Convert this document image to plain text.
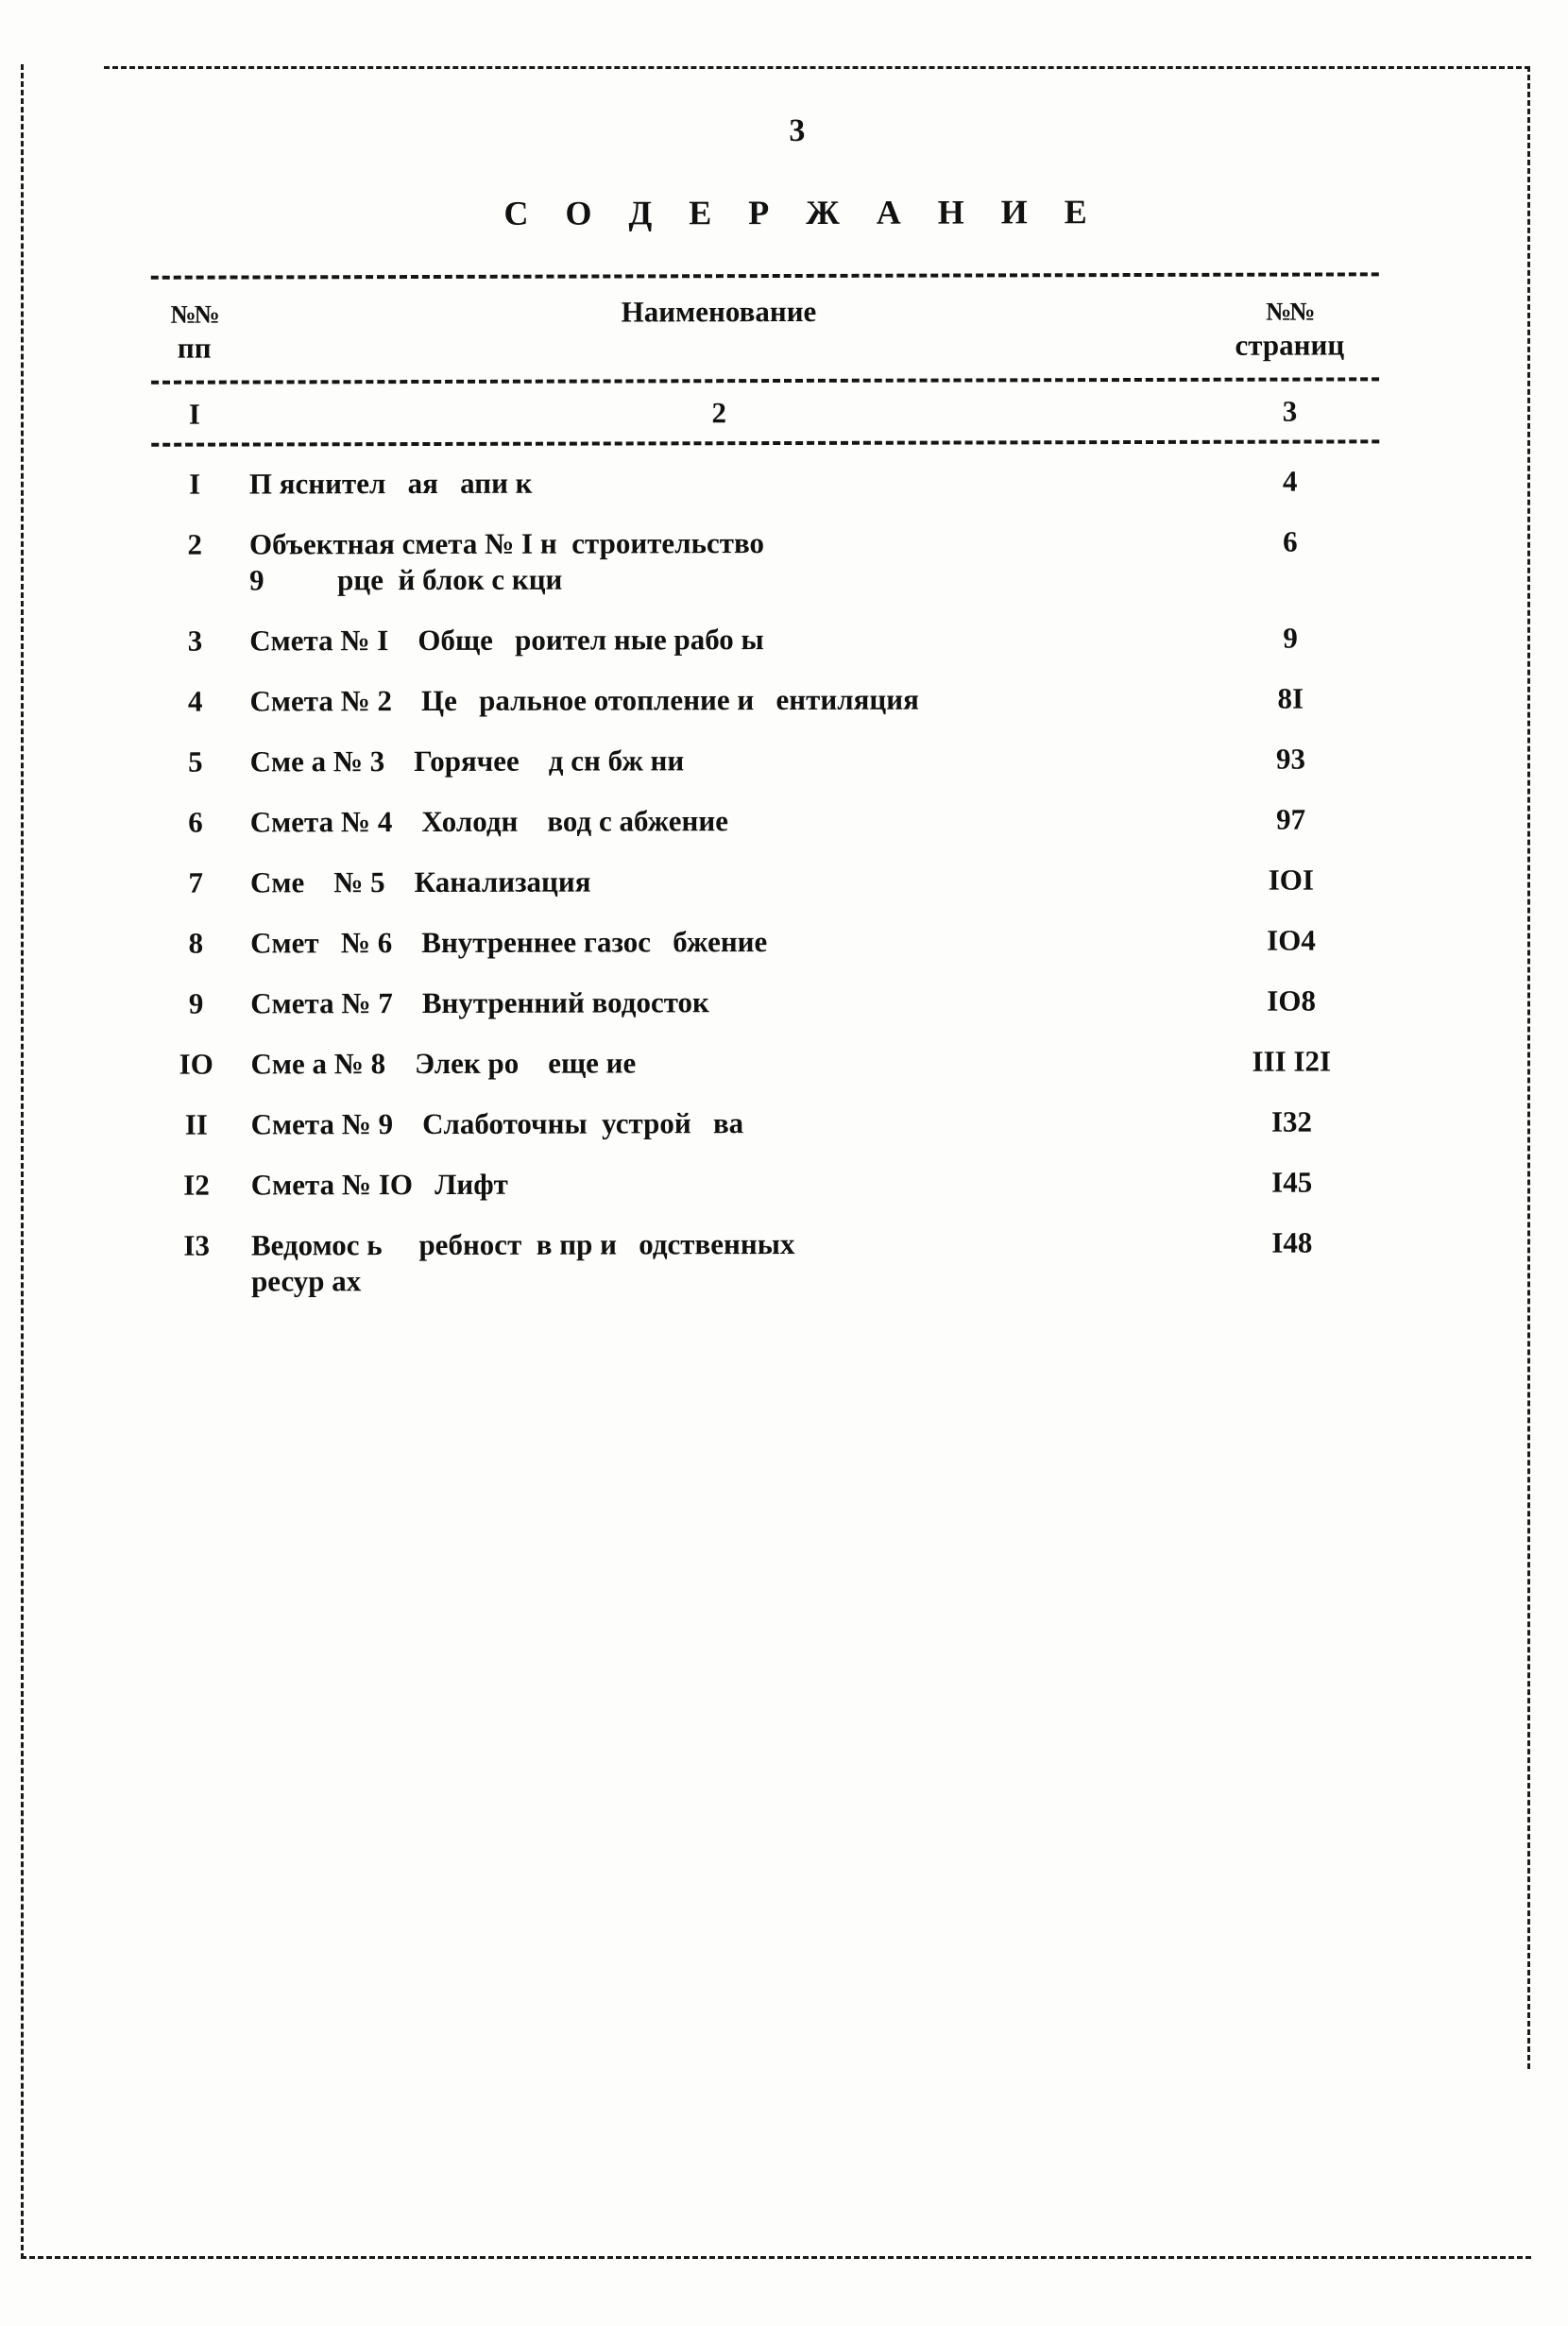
3
С О Д Е Р Ж А Н И Е

№№
пп	Наименование	№№
страниц

I	2	3

I	П яснител   ая   апи к	4
2	Объектная смета № I н  строительство
9          рце  й блок с кци	6
3	Смета № I    Обще   роител ные рабо ы	9
4	Смета № 2    Це   ральное отопление и   ентиляция	8I
5	Сме а № 3    Горячее    д сн бж ни	93
6	Смета № 4    Холодн    вод с абжение	97
7	Сме    № 5    Канализация	IOI
8	Смет   № 6    Внутреннее газос   бжение	IO4
9	Смета № 7    Внутренний водосток	IO8
IO	Сме а № 8    Элек ро    еще ие	III I2I
II	Смета № 9    Слаботочны  устрой   ва	I32
I2	Смета № IO   Лифт	I45
I3	Ведомос ь     ребност  в пр и   одственных
ресур ах	I48
